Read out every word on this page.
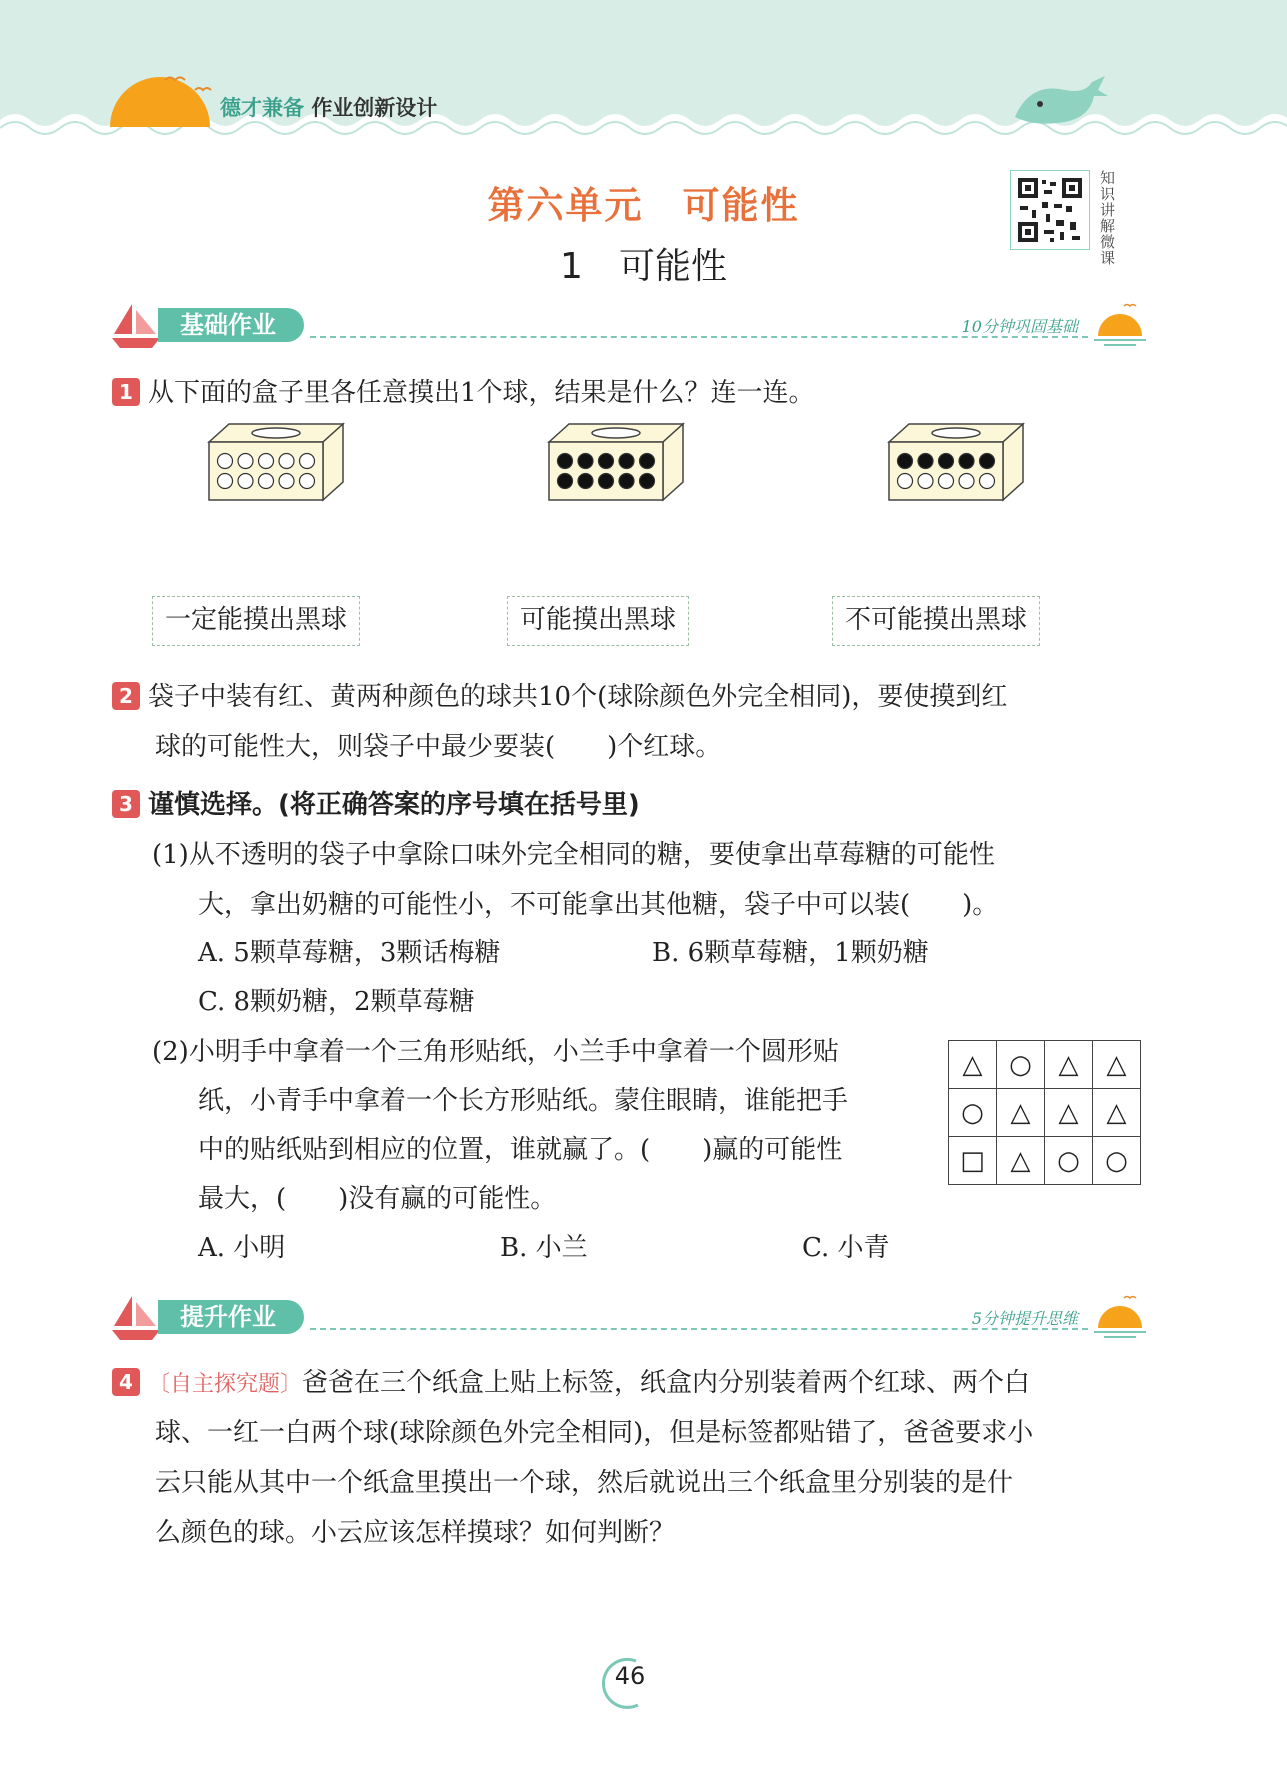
德才兼备 作业创新设计
知识讲解微课
第六单元　可能性
1　可能性
基础作业	10分钟巩固基础
1 从下面的盒子里各任意摸出1个球，结果是什么？连一连。
一定能摸出黑球	可能摸出黑球	不可能摸出黑球
2 袋子中装有红、黄两种颜色的球共10个(球除颜色外完全相同)，要使摸到红
球的可能性大，则袋子中最少要装(　　)个红球。
3 谨慎选择。(将正确答案的序号填在括号里)
(1)从不透明的袋子中拿除口味外完全相同的糖，要使拿出草莓糖的可能性
大，拿出奶糖的可能性小，不可能拿出其他糖，袋子中可以装(　　)。
A. 5颗草莓糖，3颗话梅糖	B. 6颗草莓糖，1颗奶糖
C. 8颗奶糖，2颗草莓糖
(2)小明手中拿着一个三角形贴纸，小兰手中拿着一个圆形贴
纸，小青手中拿着一个长方形贴纸。蒙住眼睛，谁能把手
中的贴纸贴到相应的位置，谁就赢了。(　　)赢的可能性
最大，(　　)没有赢的可能性。
A. 小明	B. 小兰	C. 小青
△	○	△	△
○	△	△	△
□	△	○	○
提升作业	5分钟提升思维
4 〔自主探究题〕爸爸在三个纸盒上贴上标签，纸盒内分别装着两个红球、两个白
球、一红一白两个球(球除颜色外完全相同)，但是标签都贴错了，爸爸要求小
云只能从其中一个纸盒里摸出一个球，然后就说出三个纸盒里分别装的是什
么颜色的球。小云应该怎样摸球？如何判断？
46
